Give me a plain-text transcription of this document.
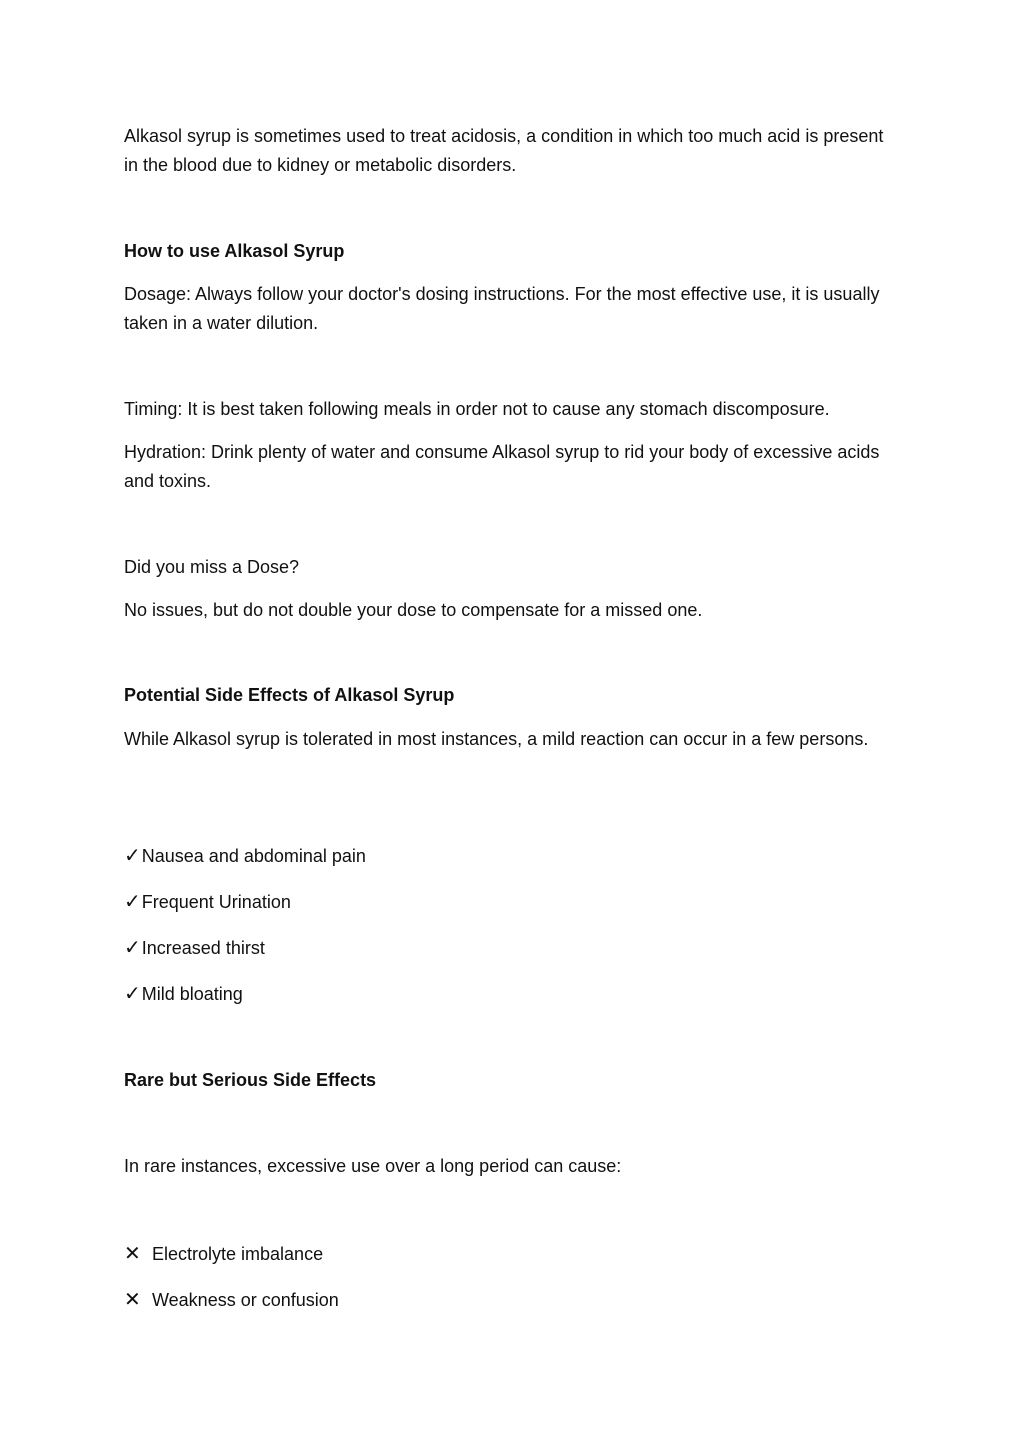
Alkasol syrup is sometimes used to treat acidosis, a condition in which too much acid is present in the blood due to kidney or metabolic disorders.

How to use Alkasol Syrup

Dosage: Always follow your doctor's dosing instructions. For the most effective use, it is usually taken in a water dilution.

Timing: It is best taken following meals in order not to cause any stomach discomposure.

Hydration: Drink plenty of water and consume Alkasol syrup to rid your body of excessive acids and toxins.

Did you miss a Dose?

No issues, but do not double your dose to compensate for a missed one.

Potential Side Effects of Alkasol Syrup

While Alkasol syrup is tolerated in most instances, a mild reaction can occur in a few persons.

✓Nausea and abdominal pain

✓Frequent Urination

✓Increased thirst

✓Mild bloating

Rare but Serious Side Effects

In rare instances, excessive use over a long period can cause:

✕ Electrolyte imbalance

✕ Weakness or confusion
